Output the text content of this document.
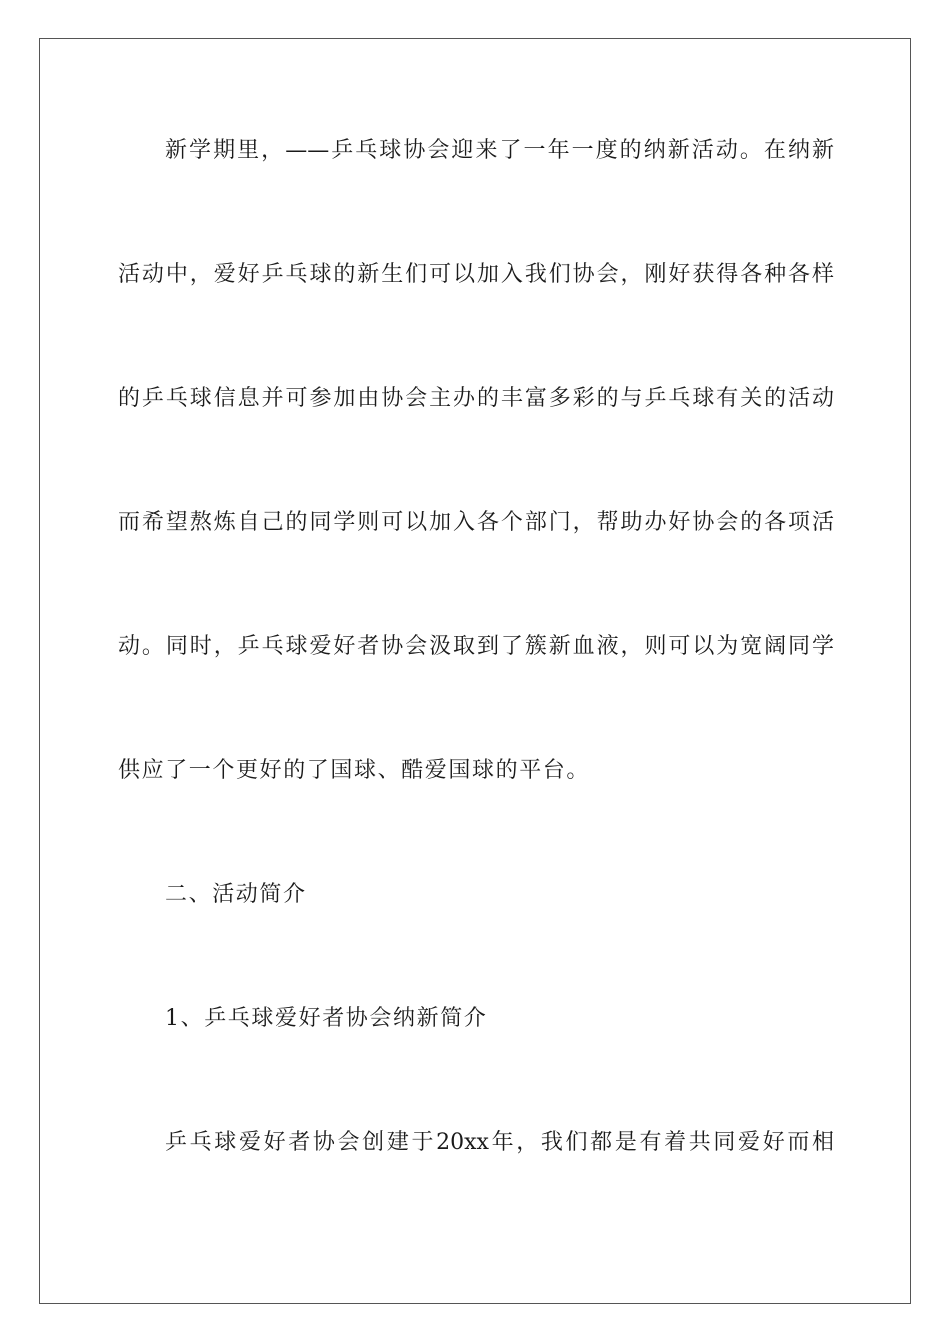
新学期里，——乒乓球协会迎来了一年一度的纳新活动。在纳新
活动中，爱好乒乓球的新生们可以加入我们协会，刚好获得各种各样
的乒乓球信息并可参加由协会主办的丰富多彩的与乒乓球有关的活动
而希望熬炼自己的同学则可以加入各个部门，帮助办好协会的各项活
动。同时，乒乓球爱好者协会汲取到了簇新血液，则可以为宽阔同学
供应了一个更好的了国球、酷爱国球的平台。
二、活动简介
1、乒乓球爱好者协会纳新简介
乒乓球爱好者协会创建于20xx年，我们都是有着共同爱好而相
